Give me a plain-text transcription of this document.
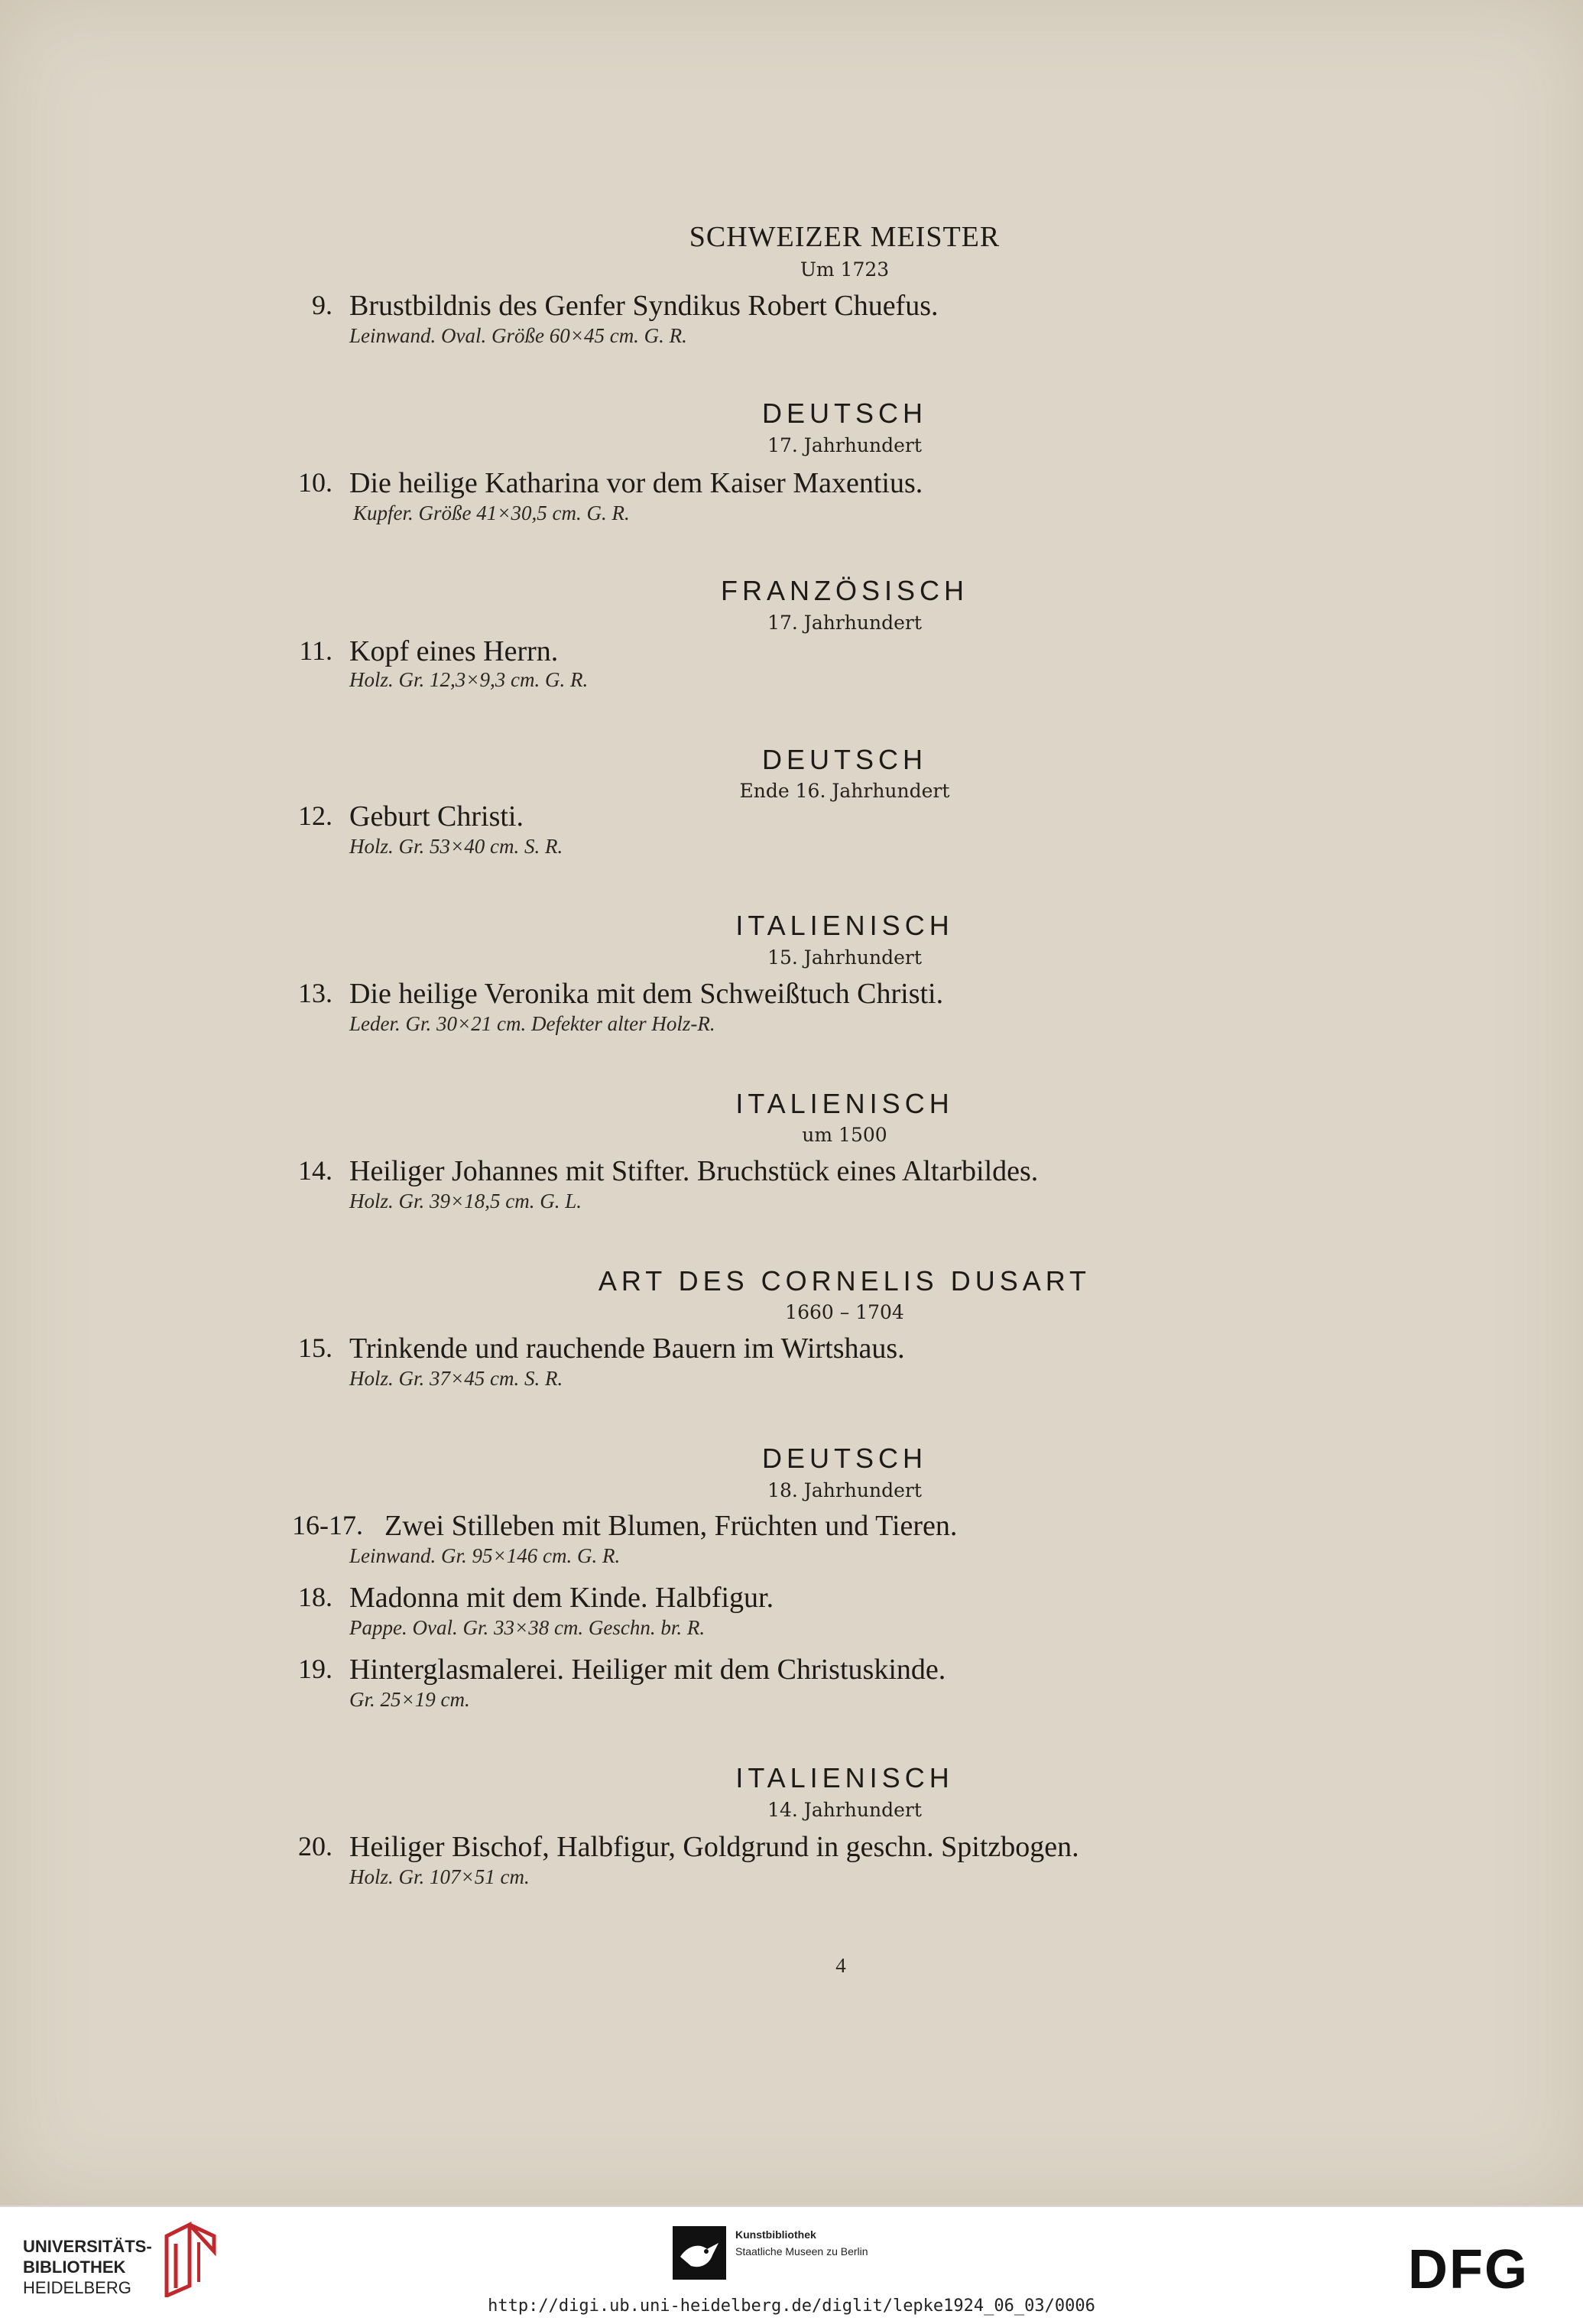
SCHWEIZER MEISTER
Um 1723
9. Brustbildnis des Genfer Syndikus Robert Chuefus.
Leinwand. Oval. Größe 60×45 cm. G. R.
DEUTSCH
17. Jahrhundert
10. Die heilige Katharina vor dem Kaiser Maxentius.
Kupfer. Größe 41×30,5 cm. G. R.
FRANZÖSISCH
17. Jahrhundert
11. Kopf eines Herrn.
Holz. Gr. 12,3×9,3 cm. G. R.
DEUTSCH
Ende 16. Jahrhundert
12. Geburt Christi.
Holz. Gr. 53×40 cm. S. R.
ITALIENISCH
15. Jahrhundert
13. Die heilige Veronika mit dem Schweißtuch Christi.
Leder. Gr. 30×21 cm. Defekter alter Holz-R.
ITALIENISCH
um 1500
14. Heiliger Johannes mit Stifter. Bruchstück eines Altarbildes.
Holz. Gr. 39×18,5 cm. G. L.
ART DES CORNELIS DUSART
1660 – 1704
15. Trinkende und rauchende Bauern im Wirtshaus.
Holz. Gr. 37×45 cm. S. R.
DEUTSCH
18. Jahrhundert
16-17. Zwei Stilleben mit Blumen, Früchten und Tieren.
Leinwand. Gr. 95×146 cm. G. R.
18. Madonna mit dem Kinde. Halbfigur.
Pappe. Oval. Gr. 33×38 cm. Geschn. br. R.
19. Hinterglasmalerei. Heiliger mit dem Christuskinde.
Gr. 25×19 cm.
ITALIENISCH
14. Jahrhundert
20. Heiliger Bischof, Halbfigur, Goldgrund in geschn. Spitzbogen.
Holz. Gr. 107×51 cm.
4
UNIVERSITÄTS-
BIBLIOTHEK
HEIDELBERG
Kunstbibliothek
Staatliche Museen zu Berlin	DFG
http://digi.ub.uni-heidelberg.de/diglit/lepke1924_06_03/0006
